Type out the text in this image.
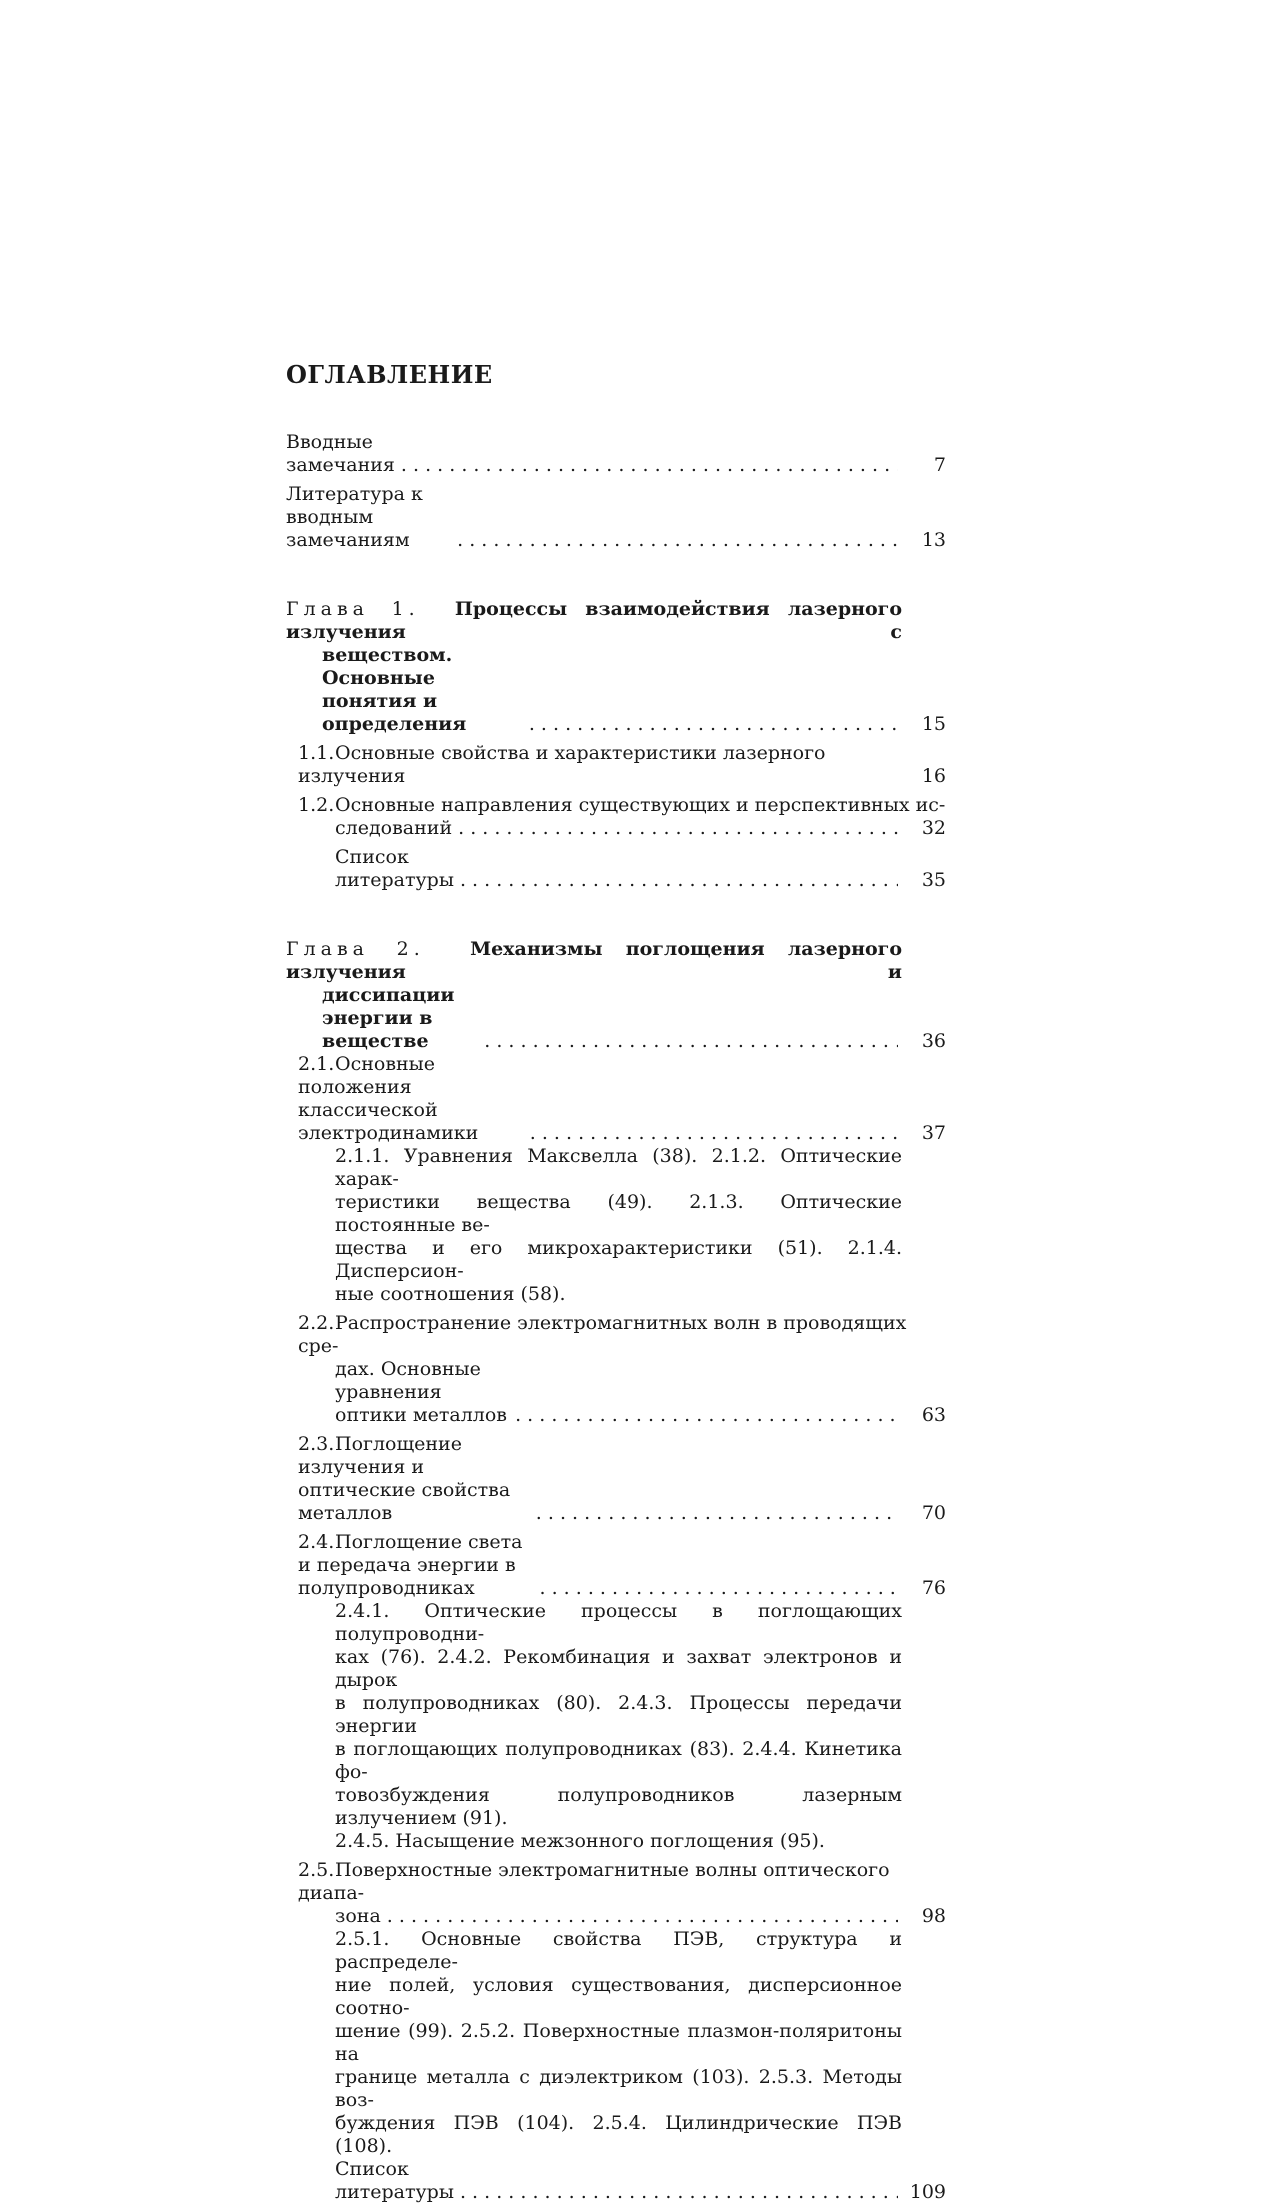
ОГЛАВЛЕНИЕ
Вводные замечания . . .	7
Литература к вводным замечаниям . . .	13
Глава 1. Процессы взаимодействия лазерного излучения с
веществом. Основные понятия и определения . . .	15
1.1.Основные свойства и характеристики лазерного излучения	16
1.2.Основные направления существующих и перспективных ис-
следований . . .	32
Список литературы . . .	35
Глава 2. Механизмы поглощения лазерного излучения и
диссипации энергии в веществе . . .	36
2.1.Основные положения классической электродинамики . . .	37
2.1.1. Уравнения Максвелла (38). 2.1.2. Оптические харак-
теристики вещества (49). 2.1.3. Оптические постоянные ве-
щества и его микрохарактеристики (51). 2.1.4. Дисперсион-
ные соотношения (58).
2.2.Распространение электромагнитных волн в проводящих сре-
дах. Основные уравнения оптики металлов . . .	63
2.3.Поглощение излучения и оптические свойства металлов . . .	70
2.4.Поглощение света и передача энергии в полупроводниках . . .	76
2.4.1. Оптические процессы в поглощающих полупроводни-
ках (76). 2.4.2. Рекомбинация и захват электронов и дырок
в полупроводниках (80). 2.4.3. Процессы передачи энергии
в поглощающих полупроводниках (83). 2.4.4. Кинетика фо-
товозбуждения полупроводников лазерным излучением (91).
2.4.5. Насыщение межзонного поглощения (95).
2.5.Поверхностные электромагнитные волны оптического диапа-
зона . . .	98
2.5.1. Основные свойства ПЭВ, структура и распределе-
ние полей, условия существования, дисперсионное соотно-
шение (99). 2.5.2. Поверхностные плазмон-поляритоны на
границе металла с диэлектриком (103). 2.5.3. Методы воз-
буждения ПЭВ (104). 2.5.4. Цилиндрические ПЭВ (108).
Список литературы . . .	109
